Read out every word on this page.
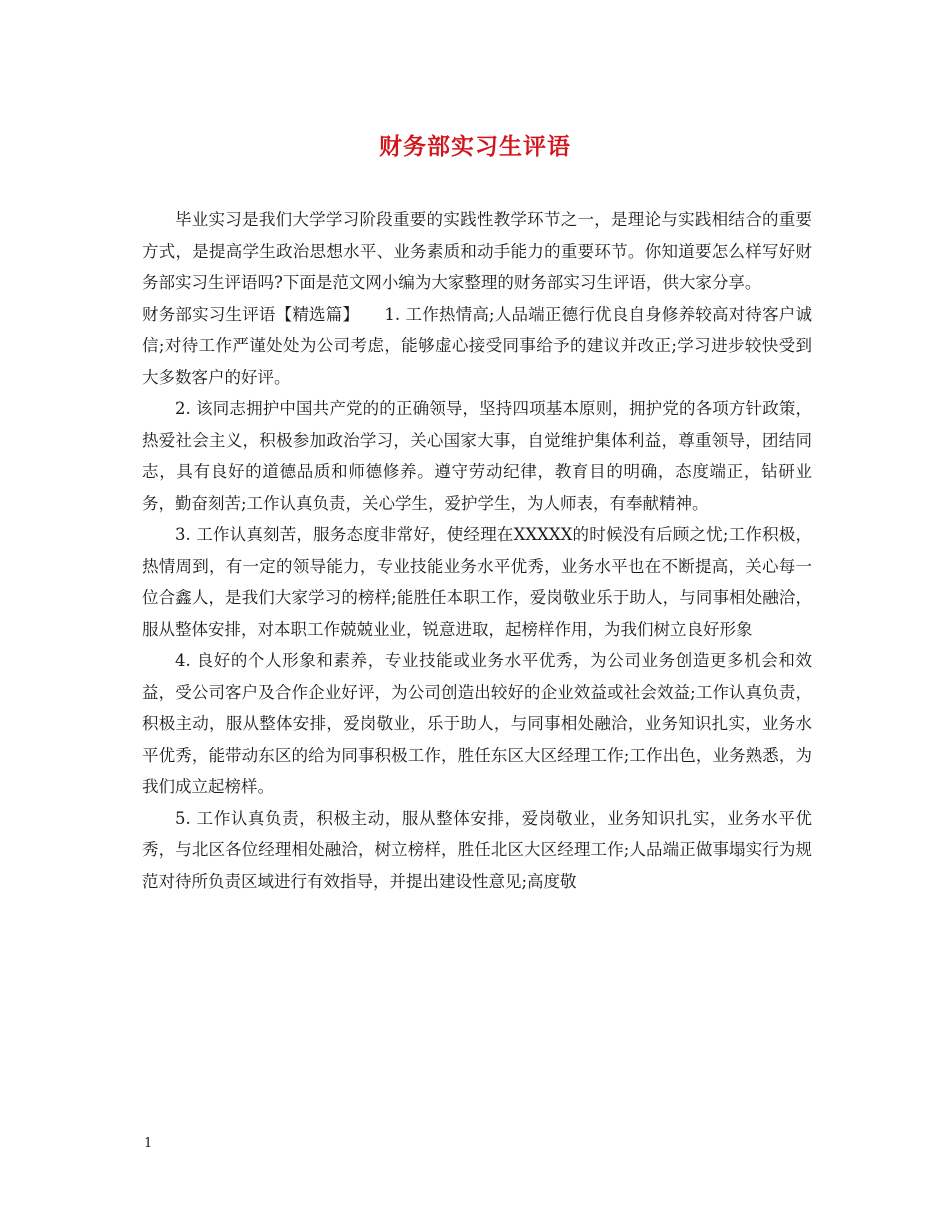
财务部实习生评语

毕业实习是我们大学学习阶段重要的实践性教学环节之一，是理论与实践相结合的重要方式，是提高学生政治思想水平、业务素质和动手能力的重要环节。你知道要怎么样写好财务部实习生评语吗?下面是范文网小编为大家整理的财务部实习生评语，供大家分享。

财务部实习生评语【精选篇】　　1. 工作热情高;人品端正德行优良自身修养较高对待客户诚信;对待工作严谨处处为公司考虑，能够虚心接受同事给予的建议并改正;学习进步较快受到大多数客户的好评。

2. 该同志拥护中国共产党的的正确领导，坚持四项基本原则，拥护党的各项方针政策，热爱社会主义，积极参加政治学习，关心国家大事，自觉维护集体利益，尊重领导，团结同志，具有良好的道德品质和师德修养。遵守劳动纪律，教育目的明确，态度端正，钻研业务，勤奋刻苦;工作认真负责，关心学生，爱护学生，为人师表，有奉献精神。

3. 工作认真刻苦，服务态度非常好，使经理在XXXXX的时候没有后顾之忧;工作积极，热情周到，有一定的领导能力，专业技能业务水平优秀，业务水平也在不断提高，关心每一位合鑫人，是我们大家学习的榜样;能胜任本职工作，爱岗敬业乐于助人，与同事相处融洽，服从整体安排，对本职工作兢兢业业，锐意进取，起榜样作用，为我们树立良好形象

4. 良好的个人形象和素养，专业技能或业务水平优秀，为公司业务创造更多机会和效益，受公司客户及合作企业好评，为公司创造出较好的企业效益或社会效益;工作认真负责，积极主动，服从整体安排，爱岗敬业，乐于助人，与同事相处融洽，业务知识扎实，业务水平优秀，能带动东区的给为同事积极工作，胜任东区大区经理工作;工作出色，业务熟悉，为我们成立起榜样。

5. 工作认真负责，积极主动，服从整体安排，爱岗敬业，业务知识扎实，业务水平优秀，与北区各位经理相处融洽，树立榜样，胜任北区大区经理工作;人品端正做事塌实行为规范对待所负责区域进行有效指导，并提出建设性意见;高度敬

1
